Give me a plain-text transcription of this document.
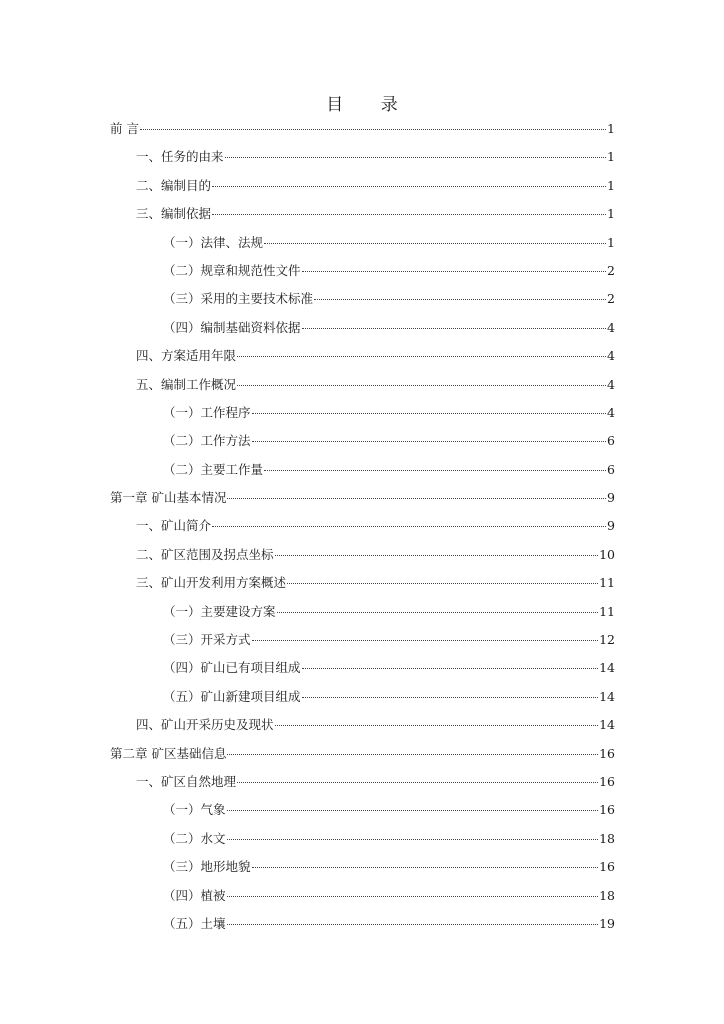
目 录
前 言	1
一、任务的由来	1
二、编制目的	1
三、编制依据	1
（一）法律、法规	1
（二）规章和规范性文件	2
（三）采用的主要技术标准	2
（四）编制基础资料依据	4
四、方案适用年限	4
五、编制工作概况	4
（一）工作程序	4
（二）工作方法	6
（二）主要工作量	6
第一章 矿山基本情况	9
一、矿山简介	9
二、矿区范围及拐点坐标	10
三、矿山开发利用方案概述	11
（一）主要建设方案	11
（三）开采方式	12
（四）矿山已有项目组成	14
（五）矿山新建项目组成	14
四、矿山开采历史及现状	14
第二章 矿区基础信息	16
一、矿区自然地理	16
（一）气象	16
（二）水文	18
（三）地形地貌	16
（四）植被	18
（五）土壤	19
